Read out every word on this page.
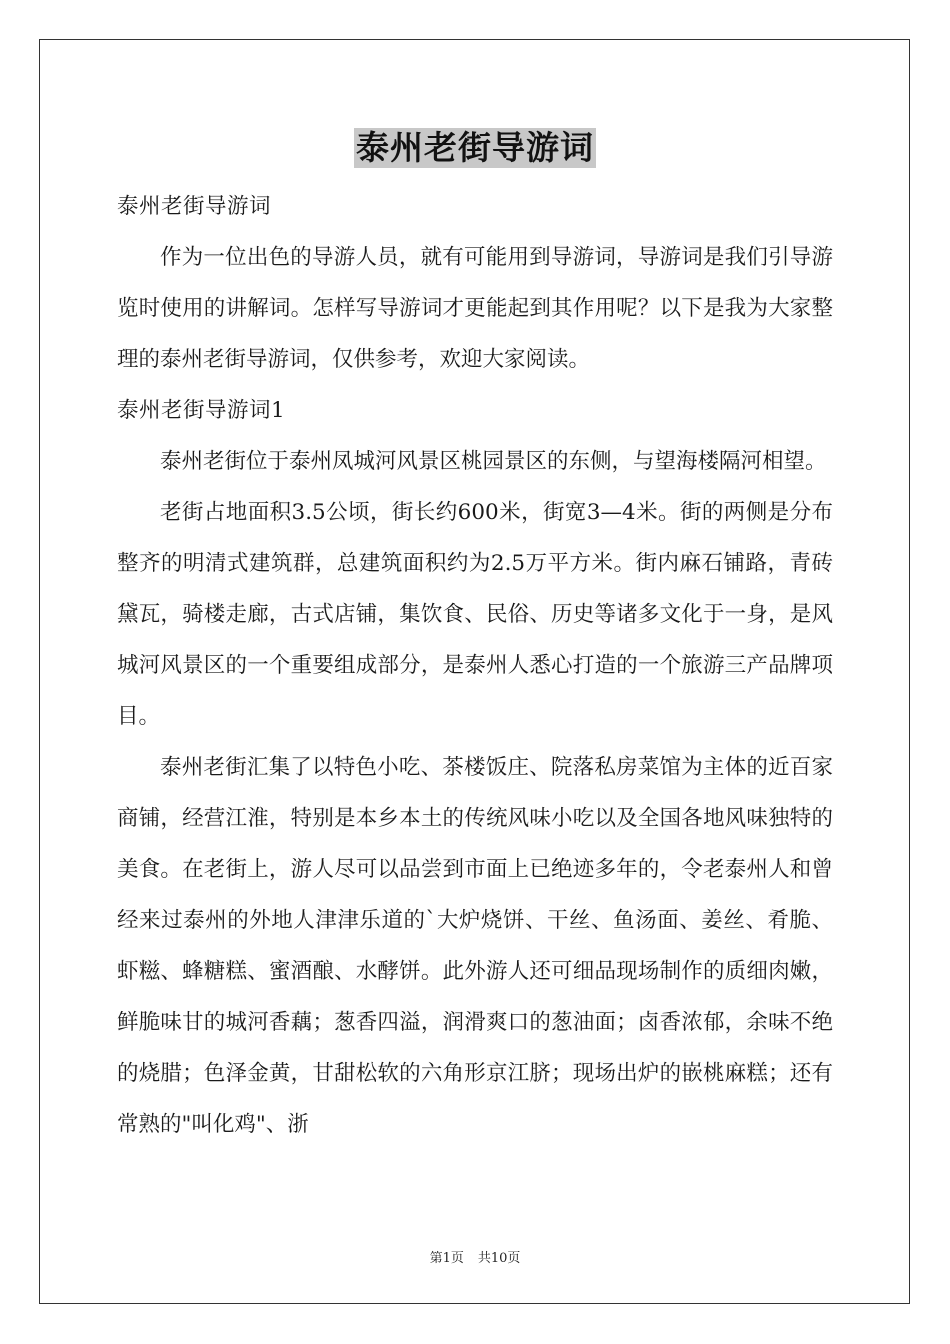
泰州老街导游词

泰州老街导游词

作为一位出色的导游人员，就有可能用到导游词，导游词是我们引导游览时使用的讲解词。怎样写导游词才更能起到其作用呢？以下是我为大家整理的泰州老街导游词，仅供参考，欢迎大家阅读。

泰州老街导游词1

泰州老街位于泰州凤城河风景区桃园景区的东侧，与望海楼隔河相望。

老街占地面积3.5公顷，街长约600米，街宽3—4米。街的两侧是分布整齐的明清式建筑群，总建筑面积约为2.5万平方米。街内麻石铺路，青砖黛瓦，骑楼走廊，古式店铺，集饮食、民俗、历史等诸多文化于一身，是风城河风景区的一个重要组成部分，是泰州人悉心打造的一个旅游三产品牌项目。

泰州老街汇集了以特色小吃、茶楼饭庄、院落私房菜馆为主体的近百家商铺，经营江淮，特别是本乡本土的传统风味小吃以及全国各地风味独特的美食。在老街上，游人尽可以品尝到市面上已绝迹多年的，令老泰州人和曾经来过泰州的外地人津津乐道的`大炉烧饼、干丝、鱼汤面、姜丝、肴脆、虾糍、蜂糖糕、蜜酒酿、水酵饼。此外游人还可细品现场制作的质细肉嫩，鲜脆味甘的城河香藕；葱香四溢，润滑爽口的葱油面；卤香浓郁，余味不绝的烧腊；色泽金黄，甘甜松软的六角形京江脐；现场出炉的嵌桃麻糕；还有常熟的"叫化鸡"、浙

第1页 共10页
